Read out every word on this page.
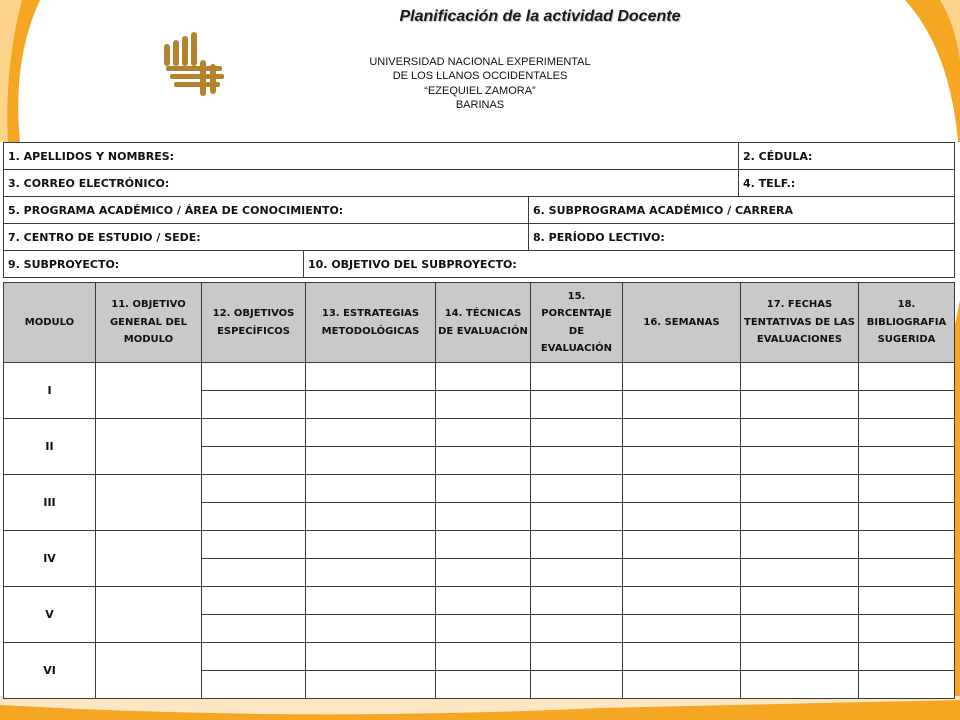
Planificación de la actividad Docente
UNIVERSIDAD NACIONAL EXPERIMENTAL
DE LOS LLANOS OCCIDENTALES
“EZEQUIEL ZAMORA”
BARINAS
1. APELLIDOS Y NOMBRES:			2. CÉDULA:
3. CORREO ELECTRÓNICO:			4. TELF.:
5. PROGRAMA ACADÉMICO / ÁREA DE CONOCIMIENTO:		6. SUBPROGRAMA ACADÉMICO / CARRERA	
7. CENTRO DE ESTUDIO / SEDE:		8. PERÍODO LECTIVO:	
9. SUBPROYECTO:	10. OBJETIVO DEL SUBPROYECTO:		
MODULO	11. OBJETIVO GENERAL DEL MODULO	12. OBJETIVOS ESPECÍFICOS	13. ESTRATEGIAS METODOLÓGICAS	14. TÉCNICAS DE EVALUACIÓN	15. PORCENTAJE DE EVALUACIÓN	16. SEMANAS	17. FECHAS TENTATIVAS DE LAS EVALUACIONES	18. BIBLIOGRAFIA SUGERIDA
I								

II								

III								

IV								

V								

VI								
